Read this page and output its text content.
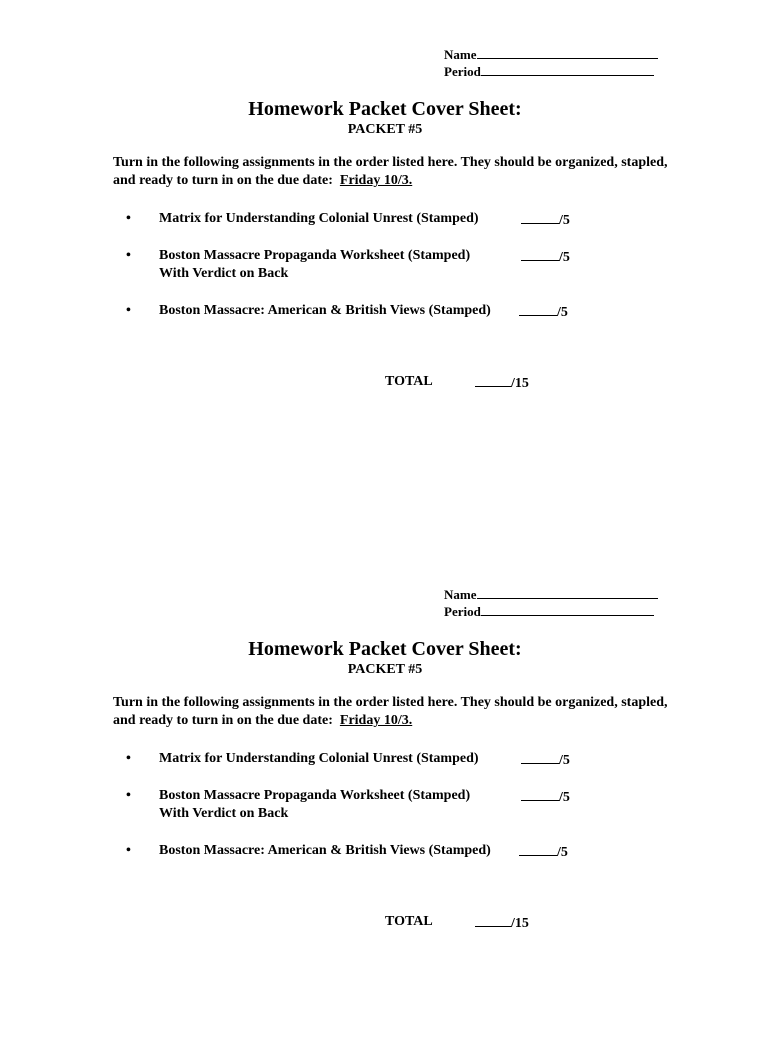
Name
Period
Homework Packet Cover Sheet:
PACKET #5
Turn in the following assignments in the order listed here. They should be organized, stapled, and ready to turn in on the due date: Friday 10/3.
• Matrix for Understanding Colonial Unrest (Stamped)	/5
• Boston Massacre Propaganda Worksheet (Stamped)
With Verdict on Back
/5
• Boston Massacre: American & British Views (Stamped)	/5
TOTAL	/15
Name
Period
Homework Packet Cover Sheet:
PACKET #5
Turn in the following assignments in the order listed here. They should be organized, stapled, and ready to turn in on the due date: Friday 10/3.
• Matrix for Understanding Colonial Unrest (Stamped)	/5
• Boston Massacre Propaganda Worksheet (Stamped)
With Verdict on Back
/5
• Boston Massacre: American & British Views (Stamped)	/5
TOTAL	/15
